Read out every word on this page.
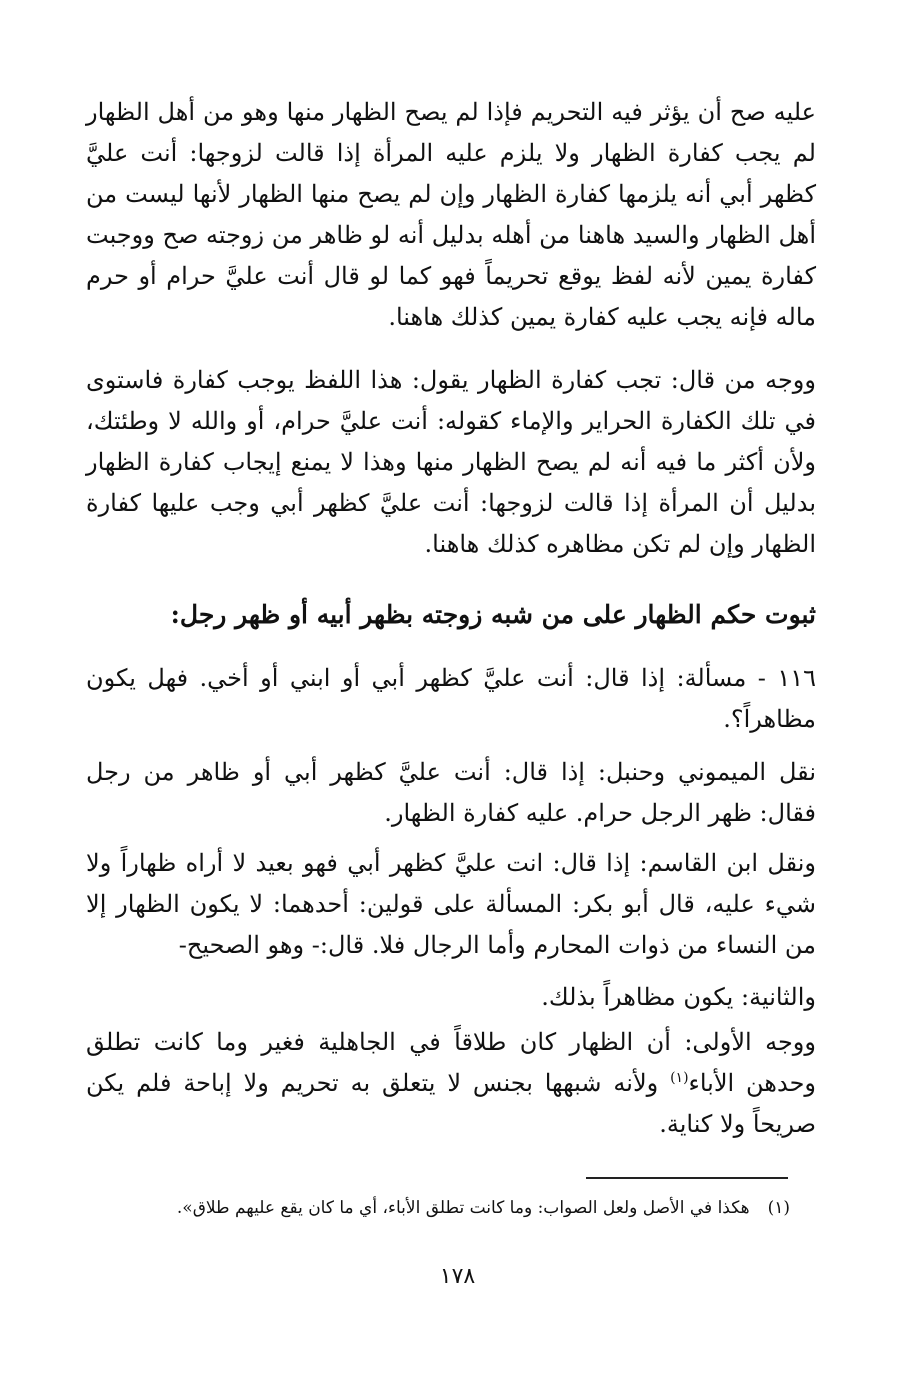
عليه صح أن يؤثر فيه التحريم فإذا لم يصح الظهار منها وهو من أهل الظهار لم يجب كفارة الظهار ولا يلزم عليه المرأة إذا قالت لزوجها: أنت عليَّ كظهر أبي أنه يلزمها كفارة الظهار وإن لم يصح منها الظهار لأنها ليست من أهل الظهار والسيد هاهنا من أهله بدليل أنه لو ظاهر من زوجته صح ووجبت كفارة يمين لأنه لفظ يوقع تحريماً فهو كما لو قال أنت عليَّ حرام أو حرم ماله فإنه يجب عليه كفارة يمين كذلك هاهنا.

ووجه من قال: تجب كفارة الظهار يقول: هذا اللفظ يوجب كفارة فاستوى في تلك الكفارة الحراير والإماء كقوله: أنت عليَّ حرام، أو والله لا وطئتك، ولأن أكثر ما فيه أنه لم يصح الظهار منها وهذا لا يمنع إيجاب كفارة الظهار بدليل أن المرأة إذا قالت لزوجها: أنت عليَّ كظهر أبي وجب عليها كفارة الظهار وإن لم تكن مظاهره كذلك هاهنا.

ثبوت حكم الظهار على من شبه زوجته بظهر أبيه أو ظهر رجل:

١١٦ - مسألة: إذا قال: أنت عليَّ كظهر أبي أو ابني أو أخي. فهل يكون مظاهراً؟.

نقل الميموني وحنبل: إذا قال: أنت عليَّ كظهر أبي أو ظاهر من رجل فقال: ظهر الرجل حرام. عليه كفارة الظهار.

ونقل ابن القاسم: إذا قال: انت عليَّ كظهر أبي فهو بعيد لا أراه ظهاراً ولا شيء عليه، قال أبو بكر: المسألة على قولين: أحدهما: لا يكون الظهار إلا من النساء من ذوات المحارم وأما الرجال فلا. قال:- وهو الصحيح-

والثانية: يكون مظاهراً بذلك.

ووجه الأولى: أن الظهار كان طلاقاً في الجاهلية فغير وما كانت تطلق وحدهن الأباء$^{(١)}$ ولأنه شبهها بجنس لا يتعلق به تحريم ولا إباحة فلم يكن صريحاً ولا كناية.

(١)هكذا في الأصل ولعل الصواب: وما كانت تطلق الأباء، أي ما كان يقع عليهم طلاق».

١٧٨
